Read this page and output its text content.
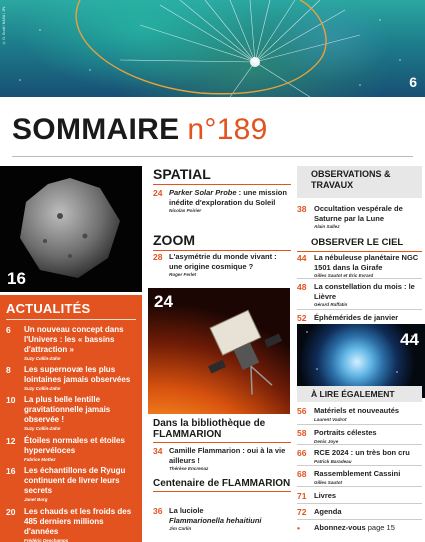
© D. Scott / NASA / JPL
6
SOMMAIRE n°189
16
ACTUALITÉS
6	Un nouveau concept dans l'Univers : les « bassins d'attraction »
Suzy Collin-Zahn
8	Les supernovæ les plus lointaines jamais observées
Suzy Collin-Zahn
10	La plus belle lentille gravitationnelle jamais observée !
Suzy Collin-Zahn
12	Étoiles normales et étoiles hypervéloces
Fabrice Mottez
16	Les échantillons de Ryugu continuent de livrer leurs secrets
Janet Borg
20	Les chauds et les froids des 485 derniers millions d'années
Frédéric Deschamps
SPATIAL
24 Parker Solar Probe : une mission inédite d'exploration du Soleil
Nicolas Poirier
ZOOM
28 L'asymétrie du monde vivant : une origine cosmique ?
Roger Ferlet
24
Dans la bibliothèque de FLAMMARION
34 Camille Flammarion : oui à la vie ailleurs !
Thérèse Encrenaz
Centenaire de FLAMMARION
36 La luciole
Flammarionella hehaitiuni
Jim Carlin
OBSERVATIONS & TRAVAUX
38 Occultation vespérale de Saturne par la Lune
Alain Sallez
OBSERVER LE CIEL
44 La nébuleuse planétaire NGC 1501 dans la Girafe
Gilles Sautot et Éric Evrard
48 La constellation du mois : le Lièvre
Gérard Raffatin
52 Éphémérides de janvier
44
À LIRE ÉGALEMENT
56 Matériels et nouveautés
Laurent Vadrot
58 Portraits célestes
Denis Joye
66 RCE 2024 : un très bon cru
Patrick Baradeau
68 Rassemblement Cassini
Gilles Sautot
71 Livres
72 Agenda
• Abonnez-vous page 15
